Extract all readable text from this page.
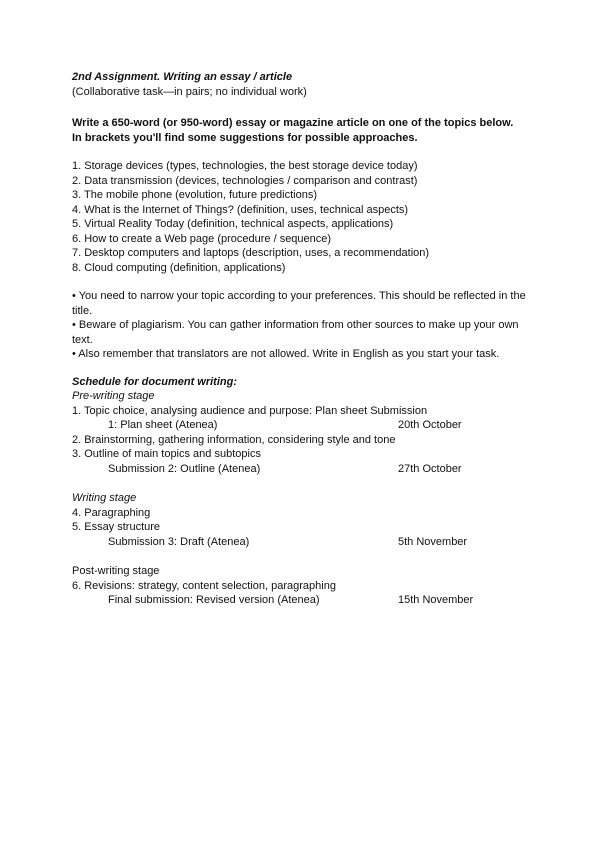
2nd Assignment. Writing an essay / article
(Collaborative task—in pairs; no individual work)
Write a 650-word (or 950-word) essay or magazine article on one of the topics below.
In brackets you'll find some suggestions for possible approaches.
1. Storage devices (types, technologies, the best storage device today)
2. Data transmission (devices, technologies / comparison and contrast)
3. The mobile phone (evolution, future predictions)
4. What is the Internet of Things? (definition, uses, technical aspects)
5. Virtual Reality Today (definition, technical aspects, applications)
6. How to create a Web page (procedure / sequence)
7. Desktop computers and laptops (description, uses, a recommendation)
8. Cloud computing (definition, applications)
• You need to narrow your topic according to your preferences. This should be reflected in the title.
• Beware of plagiarism. You can gather information from other sources to make up your own text.
• Also remember that translators are not allowed. Write in English as you start your task.
Schedule for document writing:
Pre-writing stage
1. Topic choice, analysing audience and purpose: Plan sheet Submission
1: Plan sheet (Atenea)	20th October
2. Brainstorming, gathering information, considering style and tone
3. Outline of main topics and subtopics
Submission 2: Outline (Atenea)	27th October
Writing stage
4. Paragraphing
5. Essay structure
Submission 3: Draft (Atenea)	5th November
Post-writing stage
6. Revisions: strategy, content selection, paragraphing
Final submission: Revised version (Atenea)	15th November
